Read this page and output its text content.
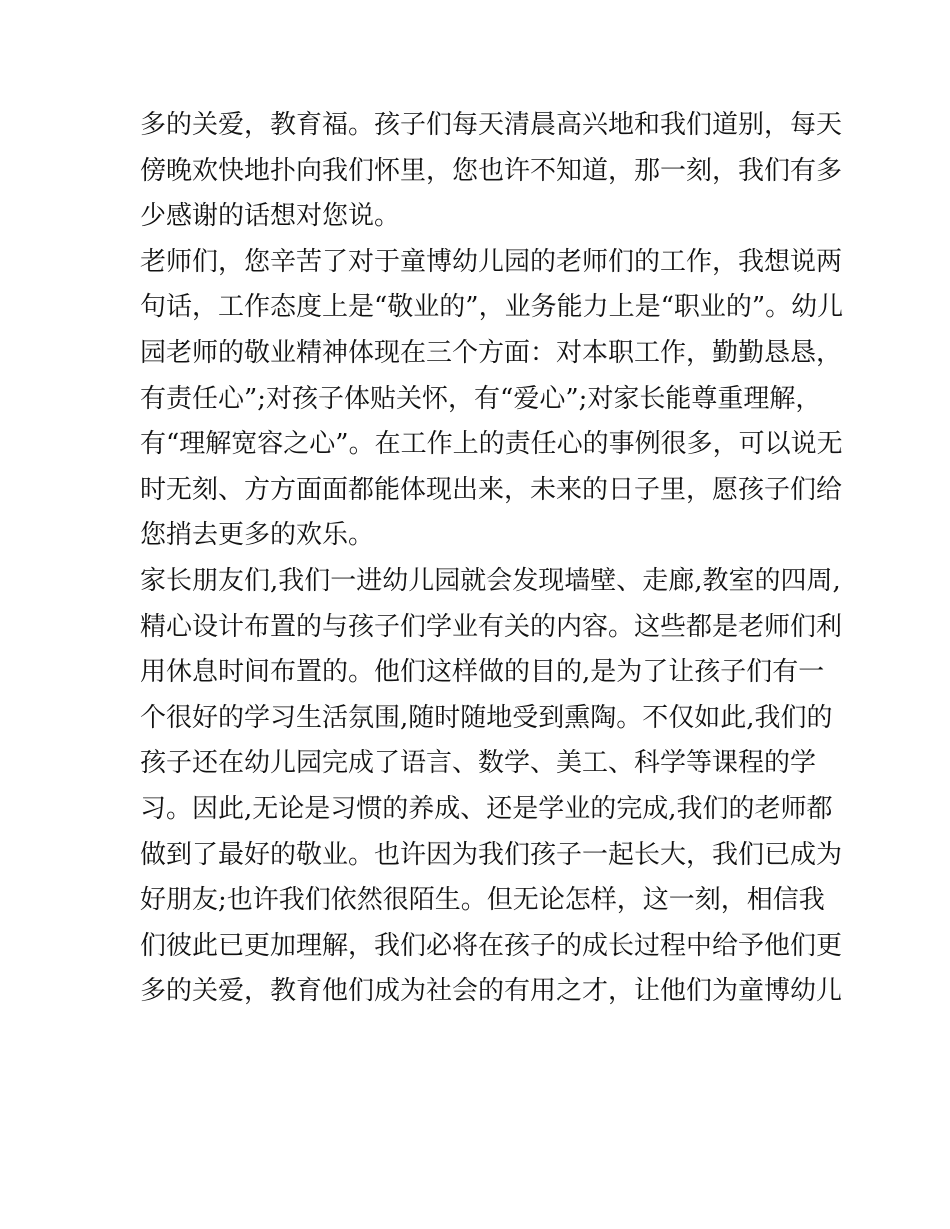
多的关爱，教育福。孩子们每天清晨高兴地和我们道别，每天
傍晚欢快地扑向我们怀里，您也许不知道，那一刻，我们有多
少感谢的话想对您说。
老师们，您辛苦了对于童博幼儿园的老师们的工作，我想说两
句话，工作态度上是“敬业的”，业务能力上是“职业的”。幼儿
园老师的敬业精神体现在三个方面：对本职工作，勤勤恳恳，
有责任心”;对孩子体贴关怀，有“爱心”;对家长能尊重理解，
有“理解宽容之心”。在工作上的责任心的事例很多，可以说无
时无刻、方方面面都能体现出来，未来的日子里，愿孩子们给
您捎去更多的欢乐。
家长朋友们,我们一进幼儿园就会发现墙壁、走廊,教室的四周,
精心设计布置的与孩子们学业有关的内容。这些都是老师们利
用休息时间布置的。他们这样做的目的,是为了让孩子们有一
个很好的学习生活氛围,随时随地受到熏陶。不仅如此,我们的
孩子还在幼儿园完成了语言、数学、美工、科学等课程的学
习。因此,无论是习惯的养成、还是学业的完成,我们的老师都
做到了最好的敬业。也许因为我们孩子一起长大，我们已成为
好朋友;也许我们依然很陌生。但无论怎样，这一刻，相信我
们彼此已更加理解，我们必将在孩子的成长过程中给予他们更
多的关爱，教育他们成为社会的有用之才，让他们为童博幼儿
